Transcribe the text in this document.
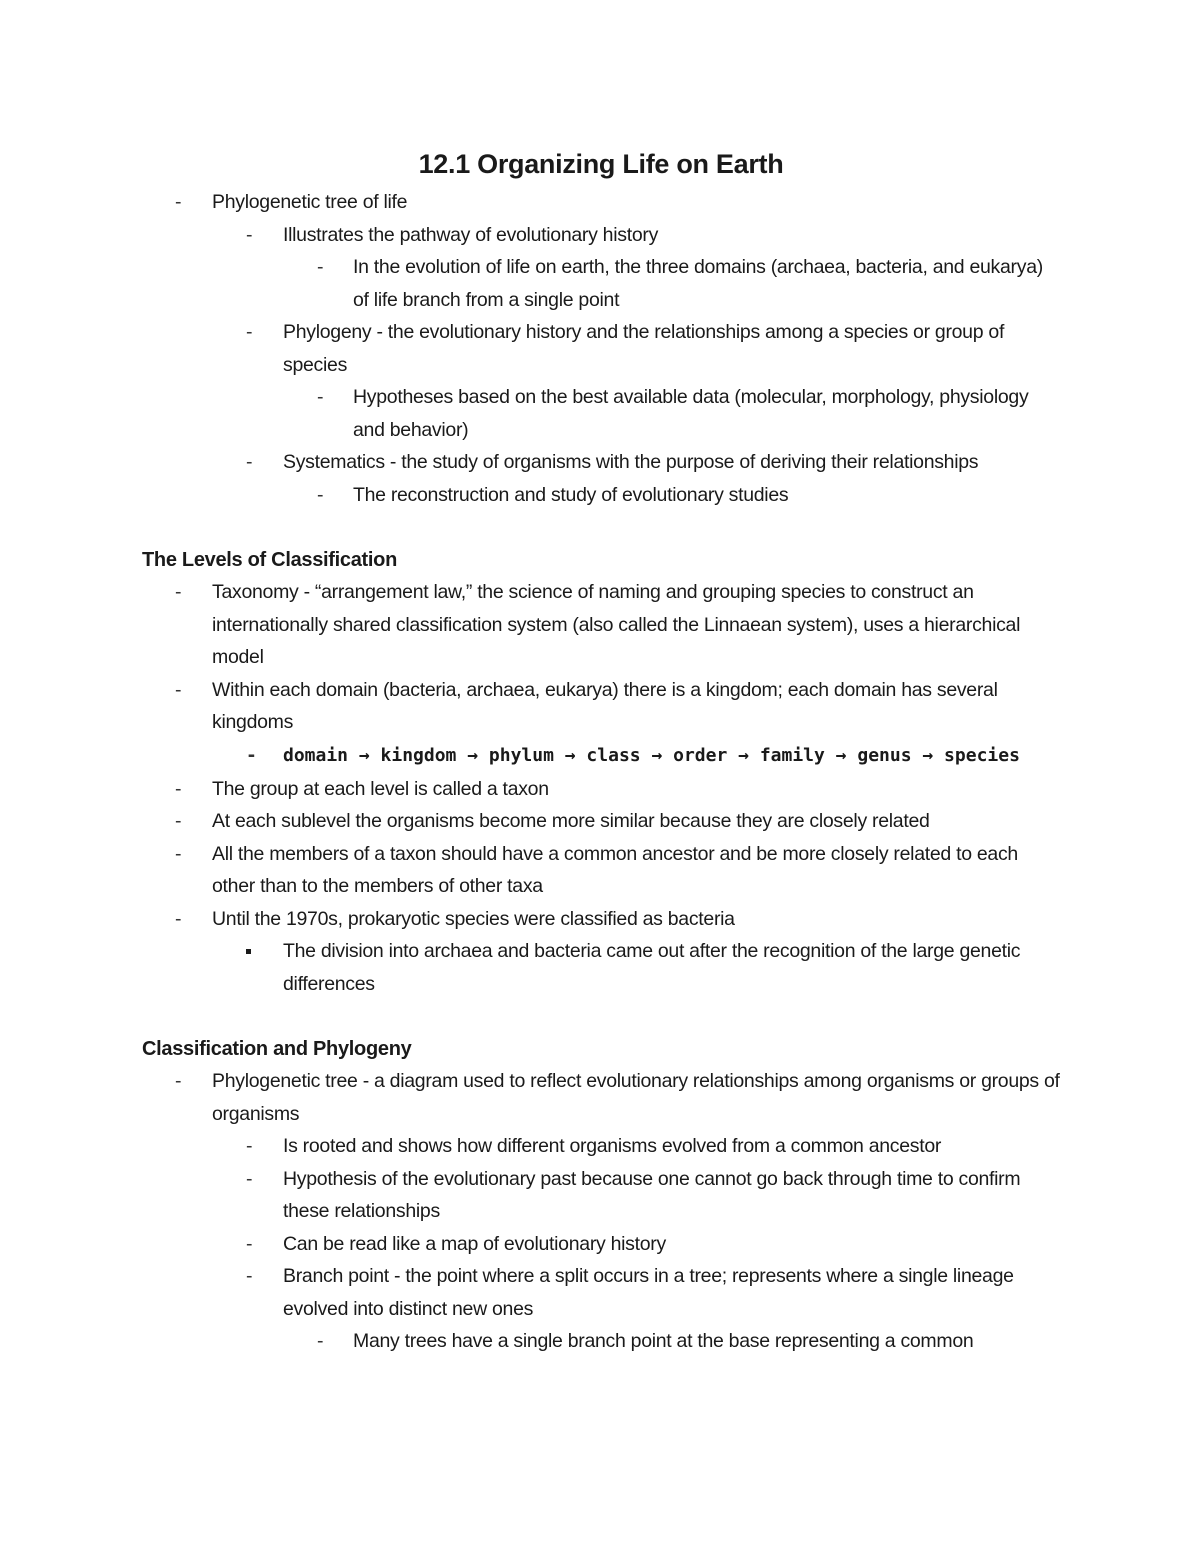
12.1 Organizing Life on Earth
- Phylogenetic tree of life
- Illustrates the pathway of evolutionary history
- In the evolution of life on earth, the three domains (archaea, bacteria, and eukarya) of life branch from a single point
- Phylogeny - the evolutionary history and the relationships among a species or group of species
- Hypotheses based on the best available data (molecular, morphology, physiology and behavior)
- Systematics - the study of organisms with the purpose of deriving their relationships
- The reconstruction and study of evolutionary studies
The Levels of Classification
- Taxonomy - “arrangement law,” the science of naming and grouping species to construct an internationally shared classification system (also called the Linnaean system), uses a hierarchical model
- Within each domain (bacteria, archaea, eukarya) there is a kingdom; each domain has several kingdoms
- domain → kingdom → phylum → class → order → family → genus → species
- The group at each level is called a taxon
- At each sublevel the organisms become more similar because they are closely related
- All the members of a taxon should have a common ancestor and be more closely related to each other than to the members of other taxa
- Until the 1970s, prokaryotic species were classified as bacteria
The division into archaea and bacteria came out after the recognition of the large genetic differences
Classification and Phylogeny
- Phylogenetic tree - a diagram used to reflect evolutionary relationships among organisms or groups of organisms
- Is rooted and shows how different organisms evolved from a common ancestor
- Hypothesis of the evolutionary past because one cannot go back through time to confirm these relationships
- Can be read like a map of evolutionary history
- Branch point - the point where a split occurs in a tree; represents where a single lineage evolved into distinct new ones
- Many trees have a single branch point at the base representing a common
